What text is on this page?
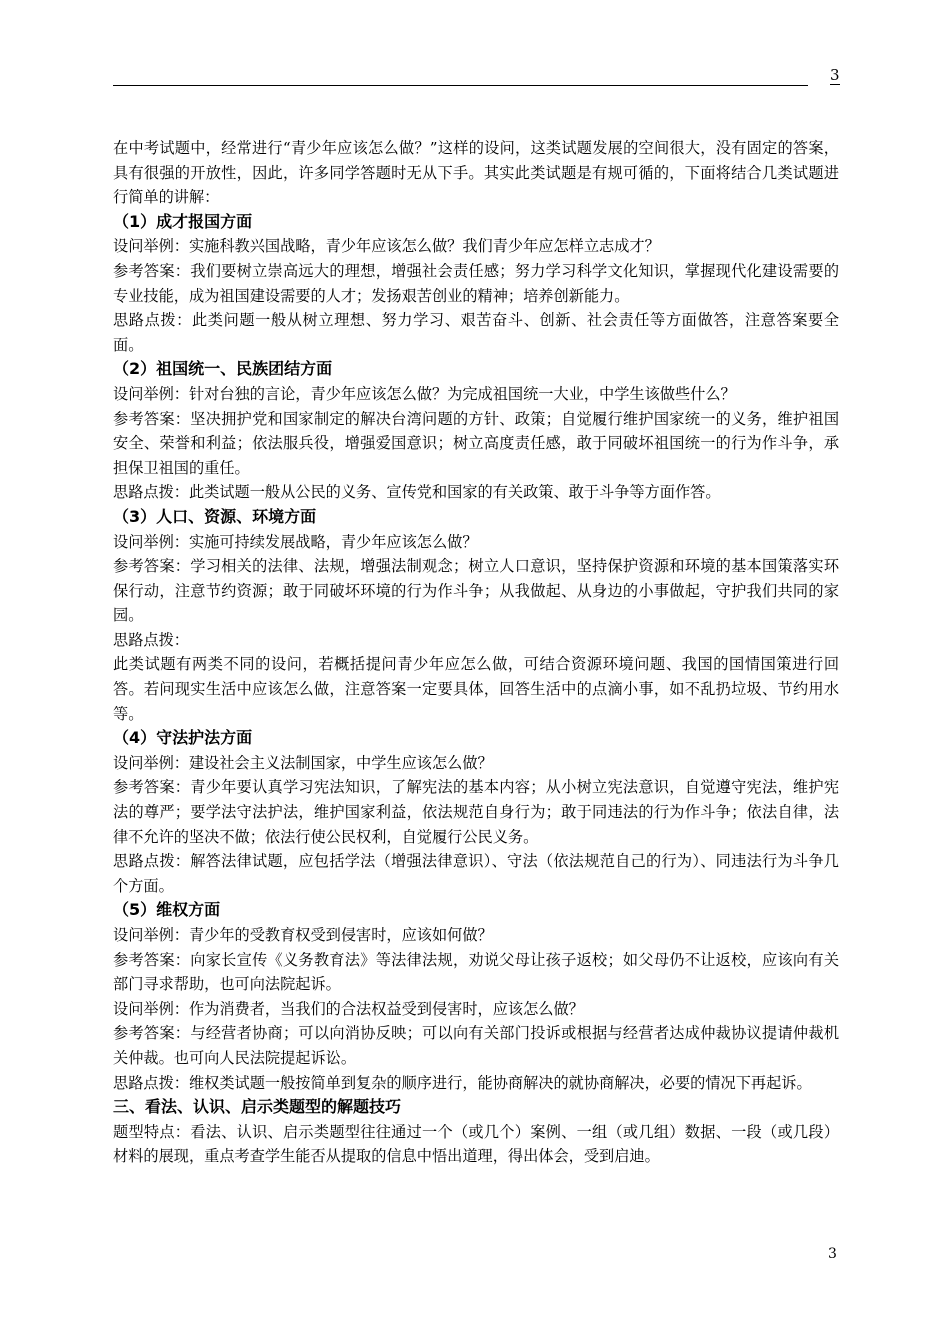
3

在中考试题中，经常进行“青少年应该怎么做？”这样的设问，这类试题发展的空间很大，没有固定的答案，具有很强的开放性，因此，许多同学答题时无从下手。其实此类试题是有规可循的，下面将结合几类试题进行简单的讲解：

（1）成才报国方面

设问举例：实施科教兴国战略，青少年应该怎么做？我们青少年应怎样立志成才？

参考答案：我们要树立崇高远大的理想，增强社会责任感；努力学习科学文化知识，掌握现代化建设需要的专业技能，成为祖国建设需要的人才；发扬艰苦创业的精神；培养创新能力。

思路点拨：此类问题一般从树立理想、努力学习、艰苦奋斗、创新、社会责任等方面做答，注意答案要全面。

（2）祖国统一、民族团结方面

设问举例：针对台独的言论，青少年应该怎么做？为完成祖国统一大业，中学生该做些什么？

参考答案：坚决拥护党和国家制定的解决台湾问题的方针、政策；自觉履行维护国家统一的义务，维护祖国安全、荣誉和利益；依法服兵役，增强爱国意识；树立高度责任感，敢于同破坏祖国统一的行为作斗争，承担保卫祖国的重任。

思路点拨：此类试题一般从公民的义务、宣传党和国家的有关政策、敢于斗争等方面作答。

（3）人口、资源、环境方面

设问举例：实施可持续发展战略，青少年应该怎么做？

参考答案：学习相关的法律、法规，增强法制观念；树立人口意识，坚持保护资源和环境的基本国策落实环保行动，注意节约资源；敢于同破坏环境的行为作斗争；从我做起、从身边的小事做起，守护我们共同的家园。

思路点拨：

此类试题有两类不同的设问，若概括提问青少年应怎么做，可结合资源环境问题、我国的国情国策进行回答。若问现实生活中应该怎么做，注意答案一定要具体，回答生活中的点滴小事，如不乱扔垃圾、节约用水等。

（4）守法护法方面

设问举例：建设社会主义法制国家，中学生应该怎么做？

参考答案：青少年要认真学习宪法知识，了解宪法的基本内容；从小树立宪法意识，自觉遵守宪法，维护宪法的尊严；要学法守法护法，维护国家利益，依法规范自身行为；敢于同违法的行为作斗争；依法自律，法律不允许的坚决不做；依法行使公民权利，自觉履行公民义务。

思路点拨：解答法律试题，应包括学法（增强法律意识）、守法（依法规范自己的行为）、同违法行为斗争几个方面。

（5）维权方面

设问举例：青少年的受教育权受到侵害时，应该如何做？

参考答案：向家长宣传《义务教育法》等法律法规，劝说父母让孩子返校；如父母仍不让返校，应该向有关部门寻求帮助，也可向法院起诉。

设问举例：作为消费者，当我们的合法权益受到侵害时，应该怎么做？

参考答案：与经营者协商；可以向消协反映；可以向有关部门投诉或根据与经营者达成仲裁协议提请仲裁机关仲裁。也可向人民法院提起诉讼。

思路点拨：维权类试题一般按简单到复杂的顺序进行，能协商解决的就协商解决，必要的情况下再起诉。

三、看法、认识、启示类题型的解题技巧

题型特点：看法、认识、启示类题型往往通过一个（或几个）案例、一组（或几组）数据、一段（或几段）材料的展现，重点考查学生能否从提取的信息中悟出道理，得出体会，受到启迪。

3
